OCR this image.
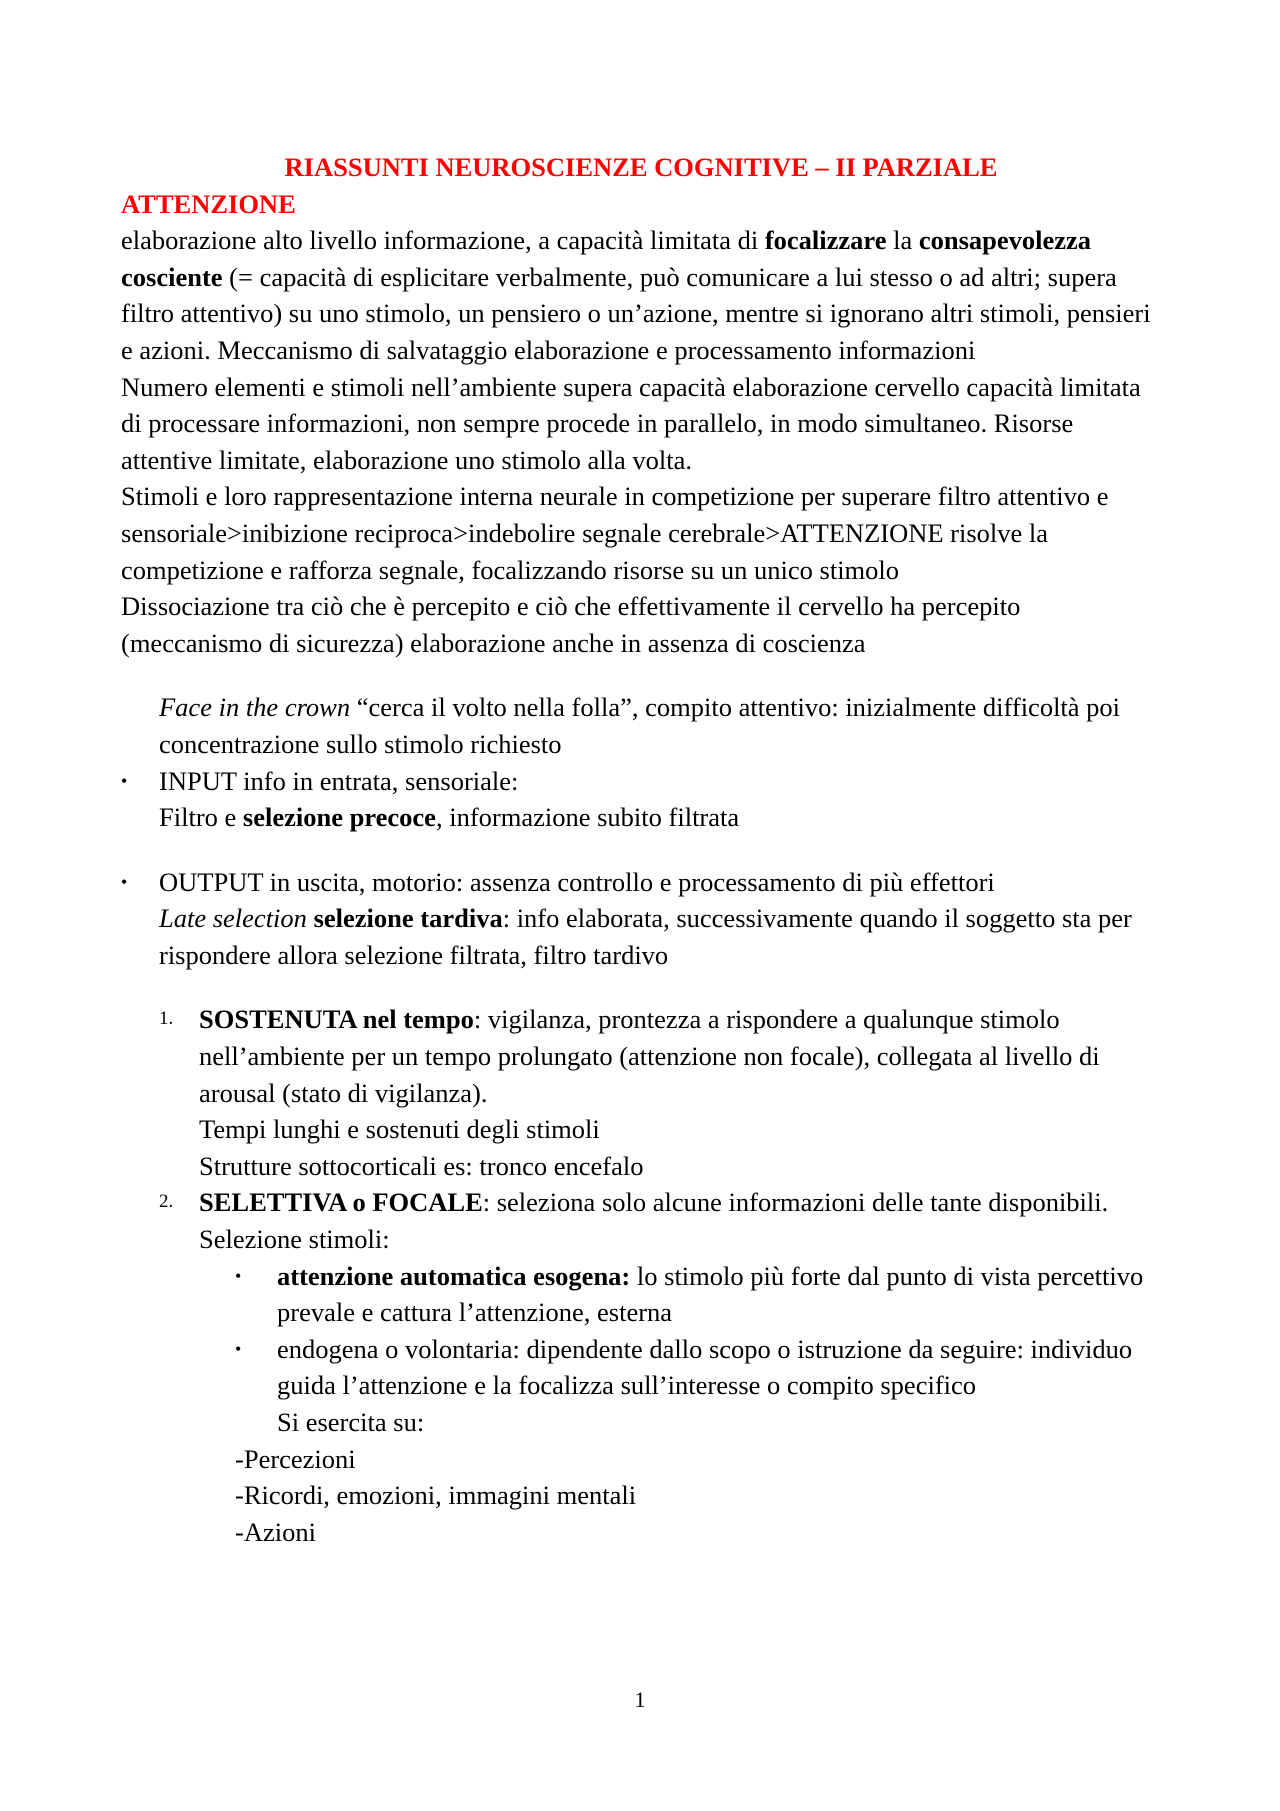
RIASSUNTI NEUROSCIENZE COGNITIVE – II PARZIALE

ATTENZIONE

elaborazione alto livello informazione, a capacità limitata di focalizzare la consapevolezza cosciente (= capacità di esplicitare verbalmente, può comunicare a lui stesso o ad altri; supera filtro attentivo) su uno stimolo, un pensiero o un’azione, mentre si ignorano altri stimoli, pensieri e azioni. Meccanismo di salvataggio elaborazione e processamento informazioni

Numero elementi e stimoli nell’ambiente supera capacità elaborazione cervello capacità limitata di processare informazioni, non sempre procede in parallelo, in modo simultaneo. Risorse attentive limitate, elaborazione uno stimolo alla volta.

Stimoli e loro rappresentazione interna neurale in competizione per superare filtro attentivo e sensoriale>inibizione reciproca>indebolire segnale cerebrale>ATTENZIONE risolve la competizione e rafforza segnale, focalizzando risorse su un unico stimolo

Dissociazione tra ciò che è percepito e ciò che effettivamente il cervello ha percepito (meccanismo di sicurezza) elaborazione anche in assenza di coscienza

Face in the crown “cerca il volto nella folla”, compito attentivo: inizialmente difficoltà poi concentrazione sullo stimolo richiesto

• INPUT info in entrata, sensoriale:

Filtro e selezione precoce, informazione subito filtrata

• OUTPUT in uscita, motorio: assenza controllo e processamento di più effettori

Late selection selezione tardiva: info elaborata, successivamente quando il soggetto sta per rispondere allora selezione filtrata, filtro tardivo

1. SOSTENUTA nel tempo: vigilanza, prontezza a rispondere a qualunque stimolo nell’ambiente per un tempo prolungato (attenzione non focale), collegata al livello di arousal (stato di vigilanza).

Tempi lunghi e sostenuti degli stimoli

Strutture sottocorticali es: tronco encefalo

2. SELETTIVA o FOCALE: seleziona solo alcune informazioni delle tante disponibili. Selezione stimoli:

• attenzione automatica esogena: lo stimolo più forte dal punto di vista percettivo prevale e cattura l’attenzione, esterna

• endogena o volontaria: dipendente dallo scopo o istruzione da seguire: individuo guida l’attenzione e la focalizza sull’interesse o compito specifico

Si esercita su:

-Percezioni

-Ricordi, emozioni, immagini mentali

-Azioni

1
